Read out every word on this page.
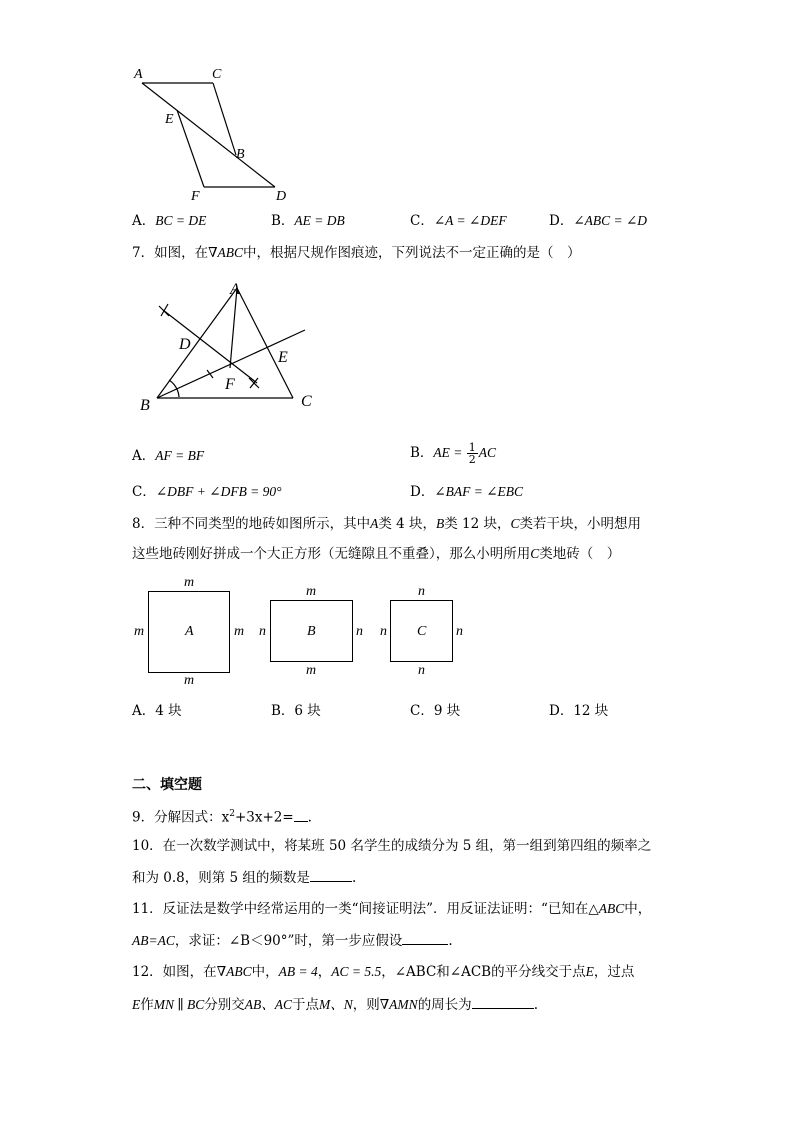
A	C
E
B
F	D
A．BC = DE	B．AE = DB	C．∠A = ∠DEF	D．∠ABC = ∠D
7．如图，在∇ABC中，根据尺规作图痕迹，下列说法不一定正确的是（　）
A
D
E
F
B	C
A．AF = BF	B．AE = $\frac{1}{2}$ AC
C．∠DBF + ∠DFB = 90°	D．∠BAF = ∠EBC
8．三种不同类型的地砖如图所示，其中A类 4 块，B类 12 块，C类若干块，小明想用
这些地砖刚好拼成一个大正方形（无缝隙且不重叠），那么小明所用C类地砖（　）
m
m
m	m
A
m
m
n	n
B
n
n
n	n
C
A．4 块	B．6 块	C．9 块	D．12 块
二、填空题
9．分解因式：$x^2+3x+2=$ .
10．在一次数学测试中，将某班 50 名学生的成绩分为 5 组，第一组到第四组的频率之
和为 0.8，则第 5 组的频数是	.
11．反证法是数学中经常运用的一类“间接证明法”．用反证法证明：“已知在△ABC中，
AB=AC，求证：∠B＜90°”时，第一步应假设	.
12．如图，在∇ABC中，AB = 4，AC = 5.5，∠ABC和∠ACB的平分线交于点E，过点
E作MN ∥ BC分别交AB、AC于点M、N，则∇AMN的周长为	.
